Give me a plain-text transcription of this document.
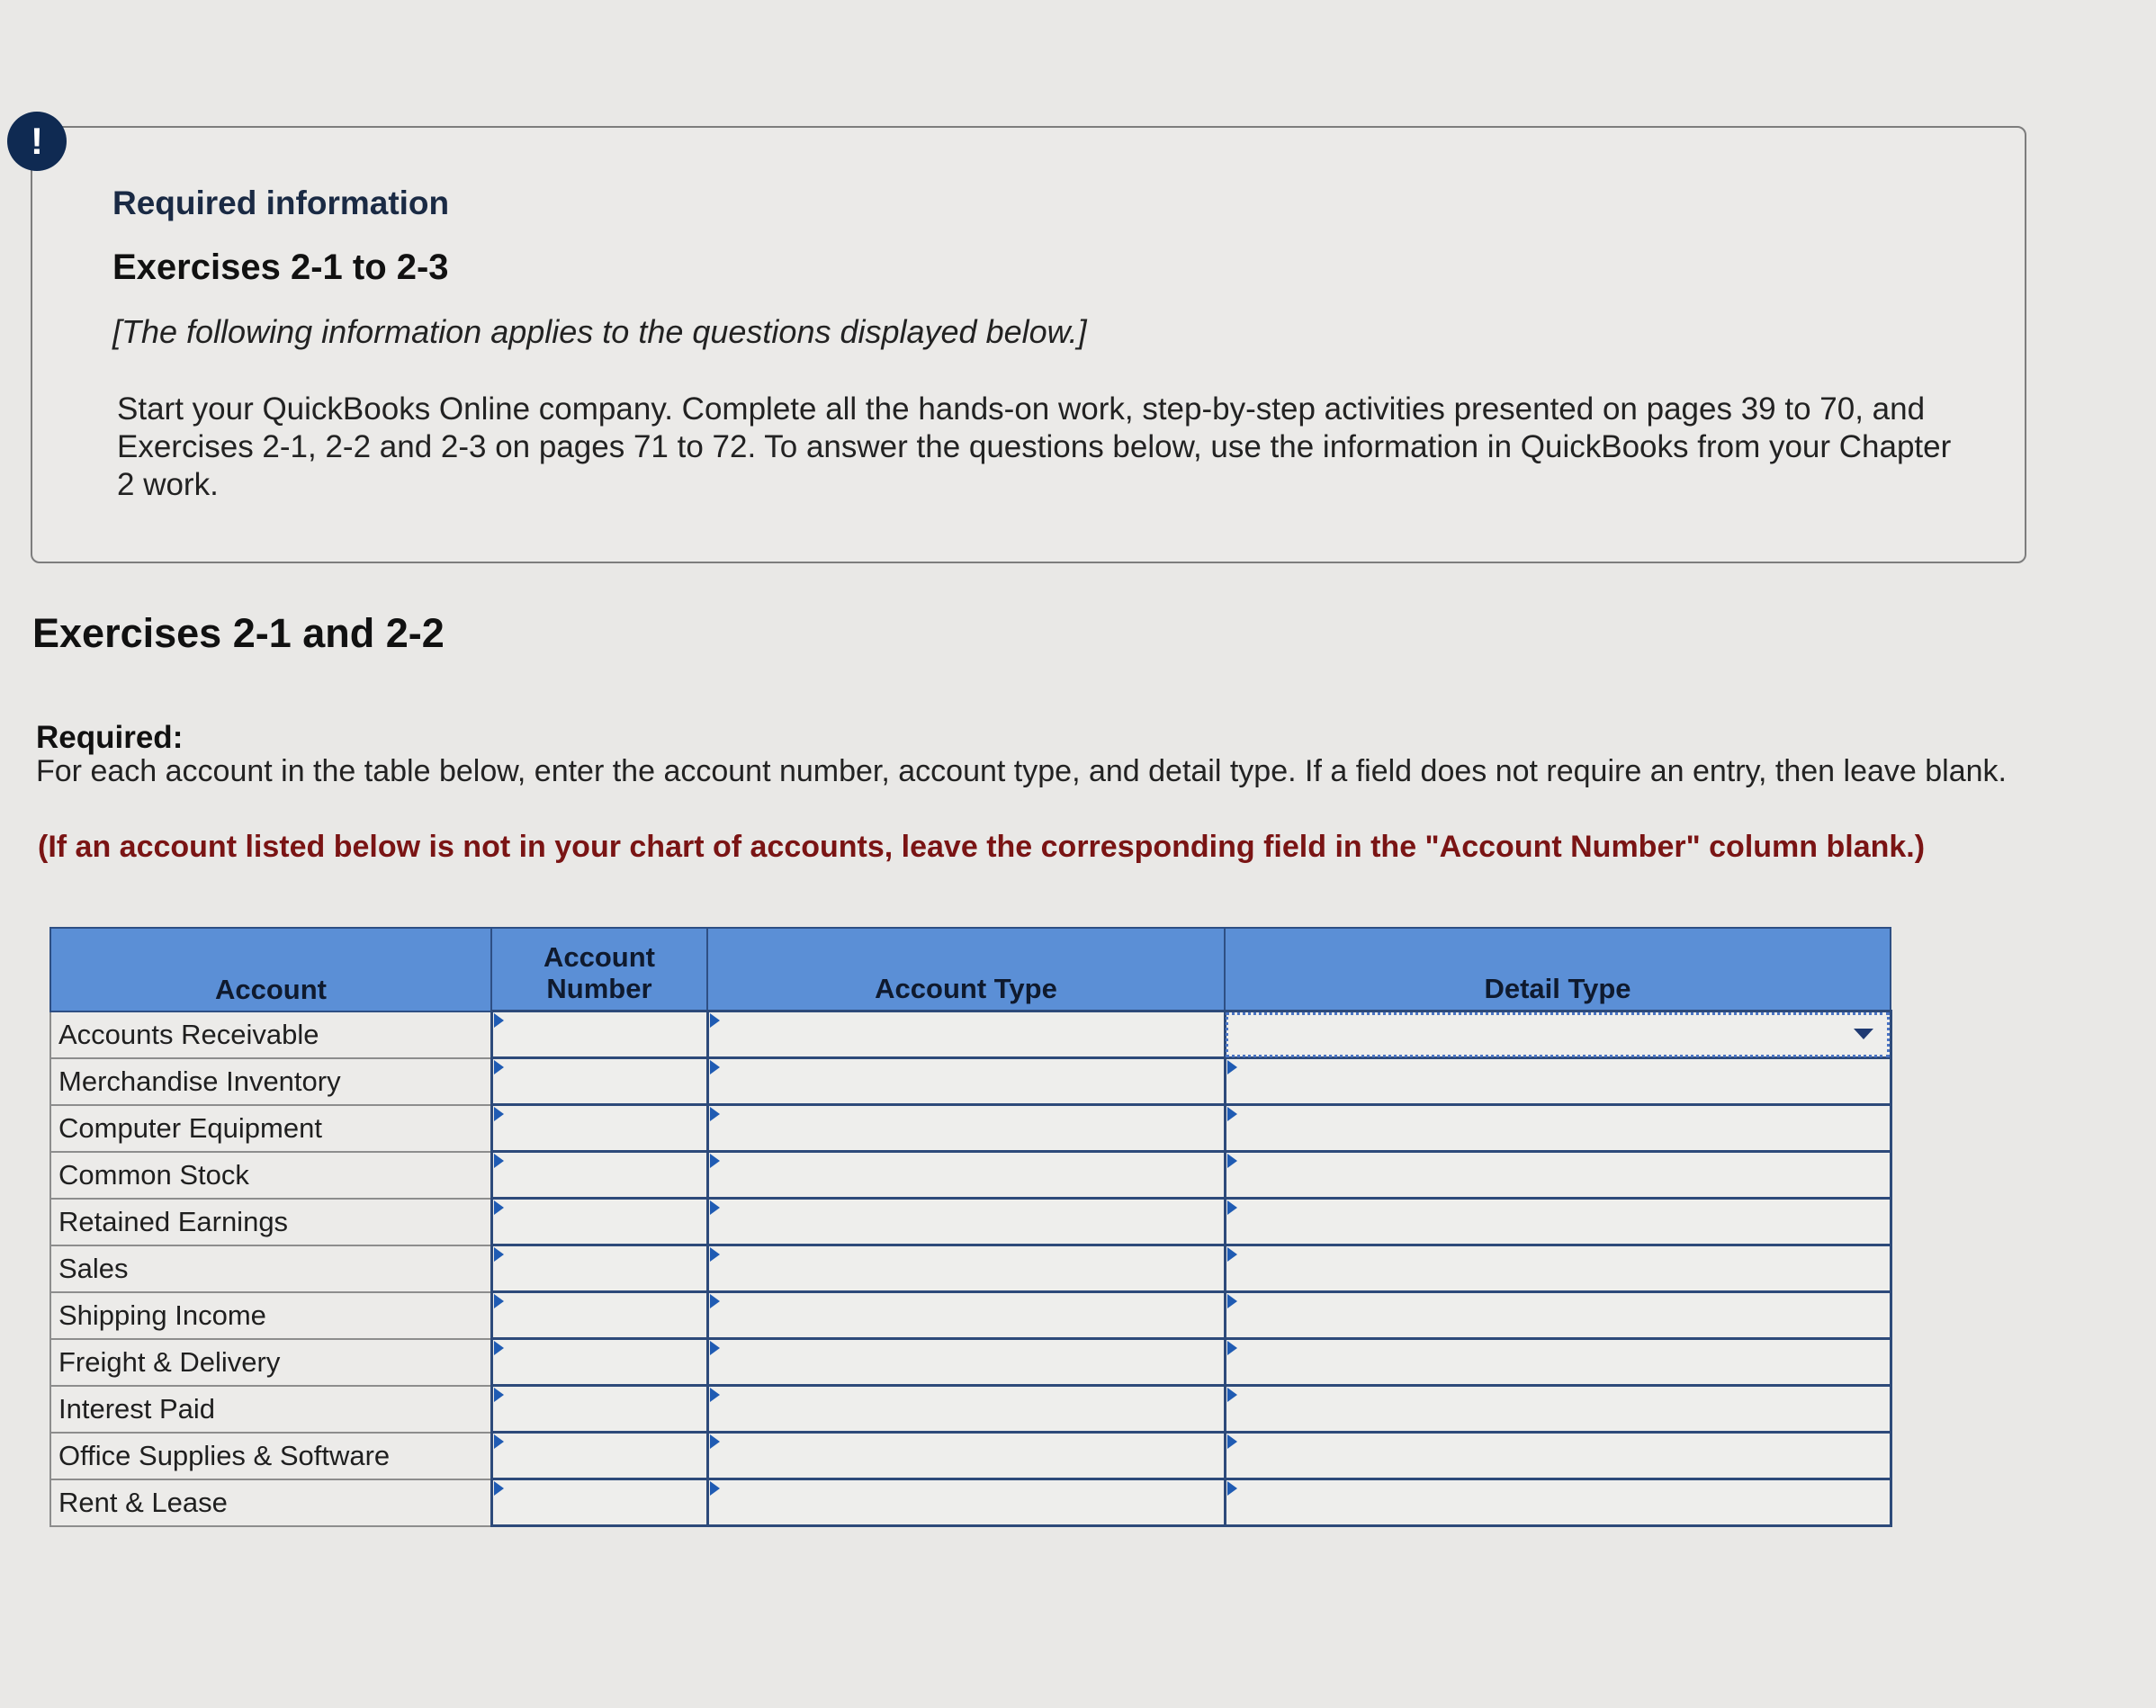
!
Required information
Exercises 2-1 to 2-3
[The following information applies to the questions displayed below.]
Start your QuickBooks Online company. Complete all the hands-on work, step-by-step activities presented on pages 39 to 70, and Exercises 2-1, 2-2 and 2-3 on pages 71 to 72. To answer the questions below, use the information in QuickBooks from your Chapter 2 work.
Exercises 2-1 and 2-2
Required:
For each account in the table below, enter the account number, account type, and detail type. If a field does not require an entry, then leave blank.
(If an account listed below is not in your chart of accounts, leave the corresponding field in the "Account Number" column blank.)
Account	Account Number	Account Type	Detail Type
Accounts Receivable	

Merchandise Inventory	

Computer Equipment	

Common Stock	

Retained Earnings	

Sales	

Shipping Income	

Freight & Delivery	

Interest Paid	

Office Supplies & Software	

Rent & Lease	
